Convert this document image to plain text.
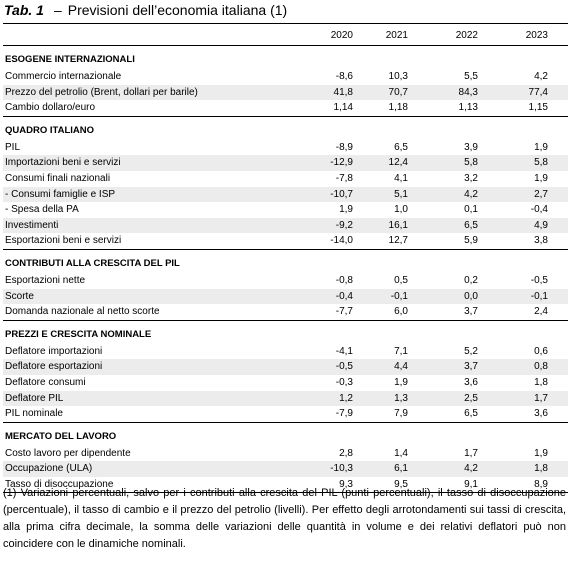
Tab. 1 – Previsioni dell’economia italiana (1)
	2020	2021	2022	2023

ESOGENE INTERNAZIONALI				
Commercio internazionale	-8,6	10,3	5,5	4,2
Prezzo del petrolio (Brent, dollari per barile)	41,8	70,7	84,3	77,4
Cambio dollaro/euro	1,14	1,18	1,13	1,15

QUADRO ITALIANO				
PIL	-8,9	6,5	3,9	1,9
Importazioni beni e servizi	-12,9	12,4	5,8	5,8
Consumi finali nazionali	-7,8	4,1	3,2	1,9
- Consumi famiglie e ISP	-10,7	5,1	4,2	2,7
- Spesa della PA	1,9	1,0	0,1	-0,4
Investimenti	-9,2	16,1	6,5	4,9
Esportazioni beni e servizi	-14,0	12,7	5,9	3,8

CONTRIBUTI ALLA CRESCITA DEL PIL				
Esportazioni nette	-0,8	0,5	0,2	-0,5
Scorte	-0,4	-0,1	0,0	-0,1
Domanda nazionale al netto scorte	-7,7	6,0	3,7	2,4

PREZZI E CRESCITA NOMINALE				
Deflatore importazioni	-4,1	7,1	5,2	0,6
Deflatore esportazioni	-0,5	4,4	3,7	0,8
Deflatore consumi	-0,3	1,9	3,6	1,8
Deflatore PIL	1,2	1,3	2,5	1,7
PIL nominale	-7,9	7,9	6,5	3,6

MERCATO DEL LAVORO				
Costo lavoro per dipendente	2,8	1,4	1,7	1,9
Occupazione (ULA)	-10,3	6,1	4,2	1,8
Tasso di disoccupazione	9,3	9,5	9,1	8,9
(1) Variazioni percentuali, salvo per i contributi alla crescita del PIL (punti percentuali), il tasso di disoccupazione (percentuale), il tasso di cambio e il prezzo del petrolio (livelli). Per effetto degli arrotondamenti sui tassi di crescita, alla prima cifra decimale, la somma delle variazioni delle quantità in volume e dei relativi deflatori può non coincidere con le dinamiche nominali.
